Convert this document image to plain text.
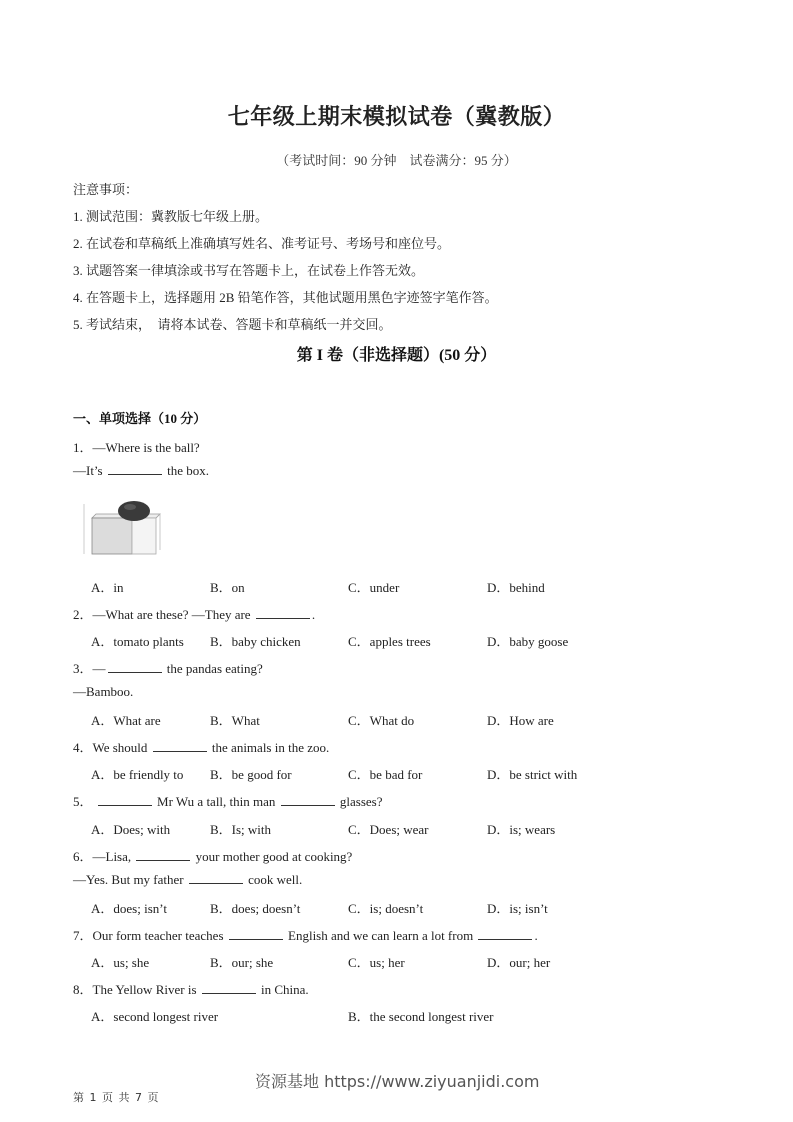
七年级上期末模拟试卷（冀教版）
（考试时间：90 分钟　试卷满分：95 分）
注意事项：
1. 测试范围：冀教版七年级上册。
2. 在试卷和草稿纸上准确填写姓名、准考证号、考场号和座位号。
3. 试题答案一律填涂或书写在答题卡上，在试卷上作答无效。
4. 在答题卡上，选择题用 2B 铅笔作答，其他试题用黑色字迹签字笔作答。
5. 考试结束，　请将本试卷、答题卡和草稿纸一并交回。
第 I 卷（非选择题）(50 分）
一、单项选择（10 分）
1．—Where is the ball?
—It’s	the box.
A．in	B．on	C．under	D．behind
2．—What are these? —They are	.
A．tomato plants B．baby chicken	C．apples trees	D．baby goose
3．—	the pandas eating?
—Bamboo.
A．What are	B．What	C．What do	D．How are
4．We should	the animals in the zoo.
A．be friendly to B．be good for	C．be bad for	D．be strict with
5．	Mr Wu a tall, thin man	glasses?
A．Does; with	B．Is; with	C．Does; wear	D．is; wears
6．—Lisa,	your mother good at cooking?
—Yes. But my father	cook well.
A．does; isn’t	B．does; doesn’t	C．is; doesn’t	D．is; isn’t
7．Our form teacher teaches	English and we can learn a lot from	.
A．us; she	B．our; she	C．us; her	D．our; her
8．The Yellow River is	in China.
A．second longest river	B．the second longest river
资源基地 https://www.ziyuanjidi.com
第 1 页 共 7 页
